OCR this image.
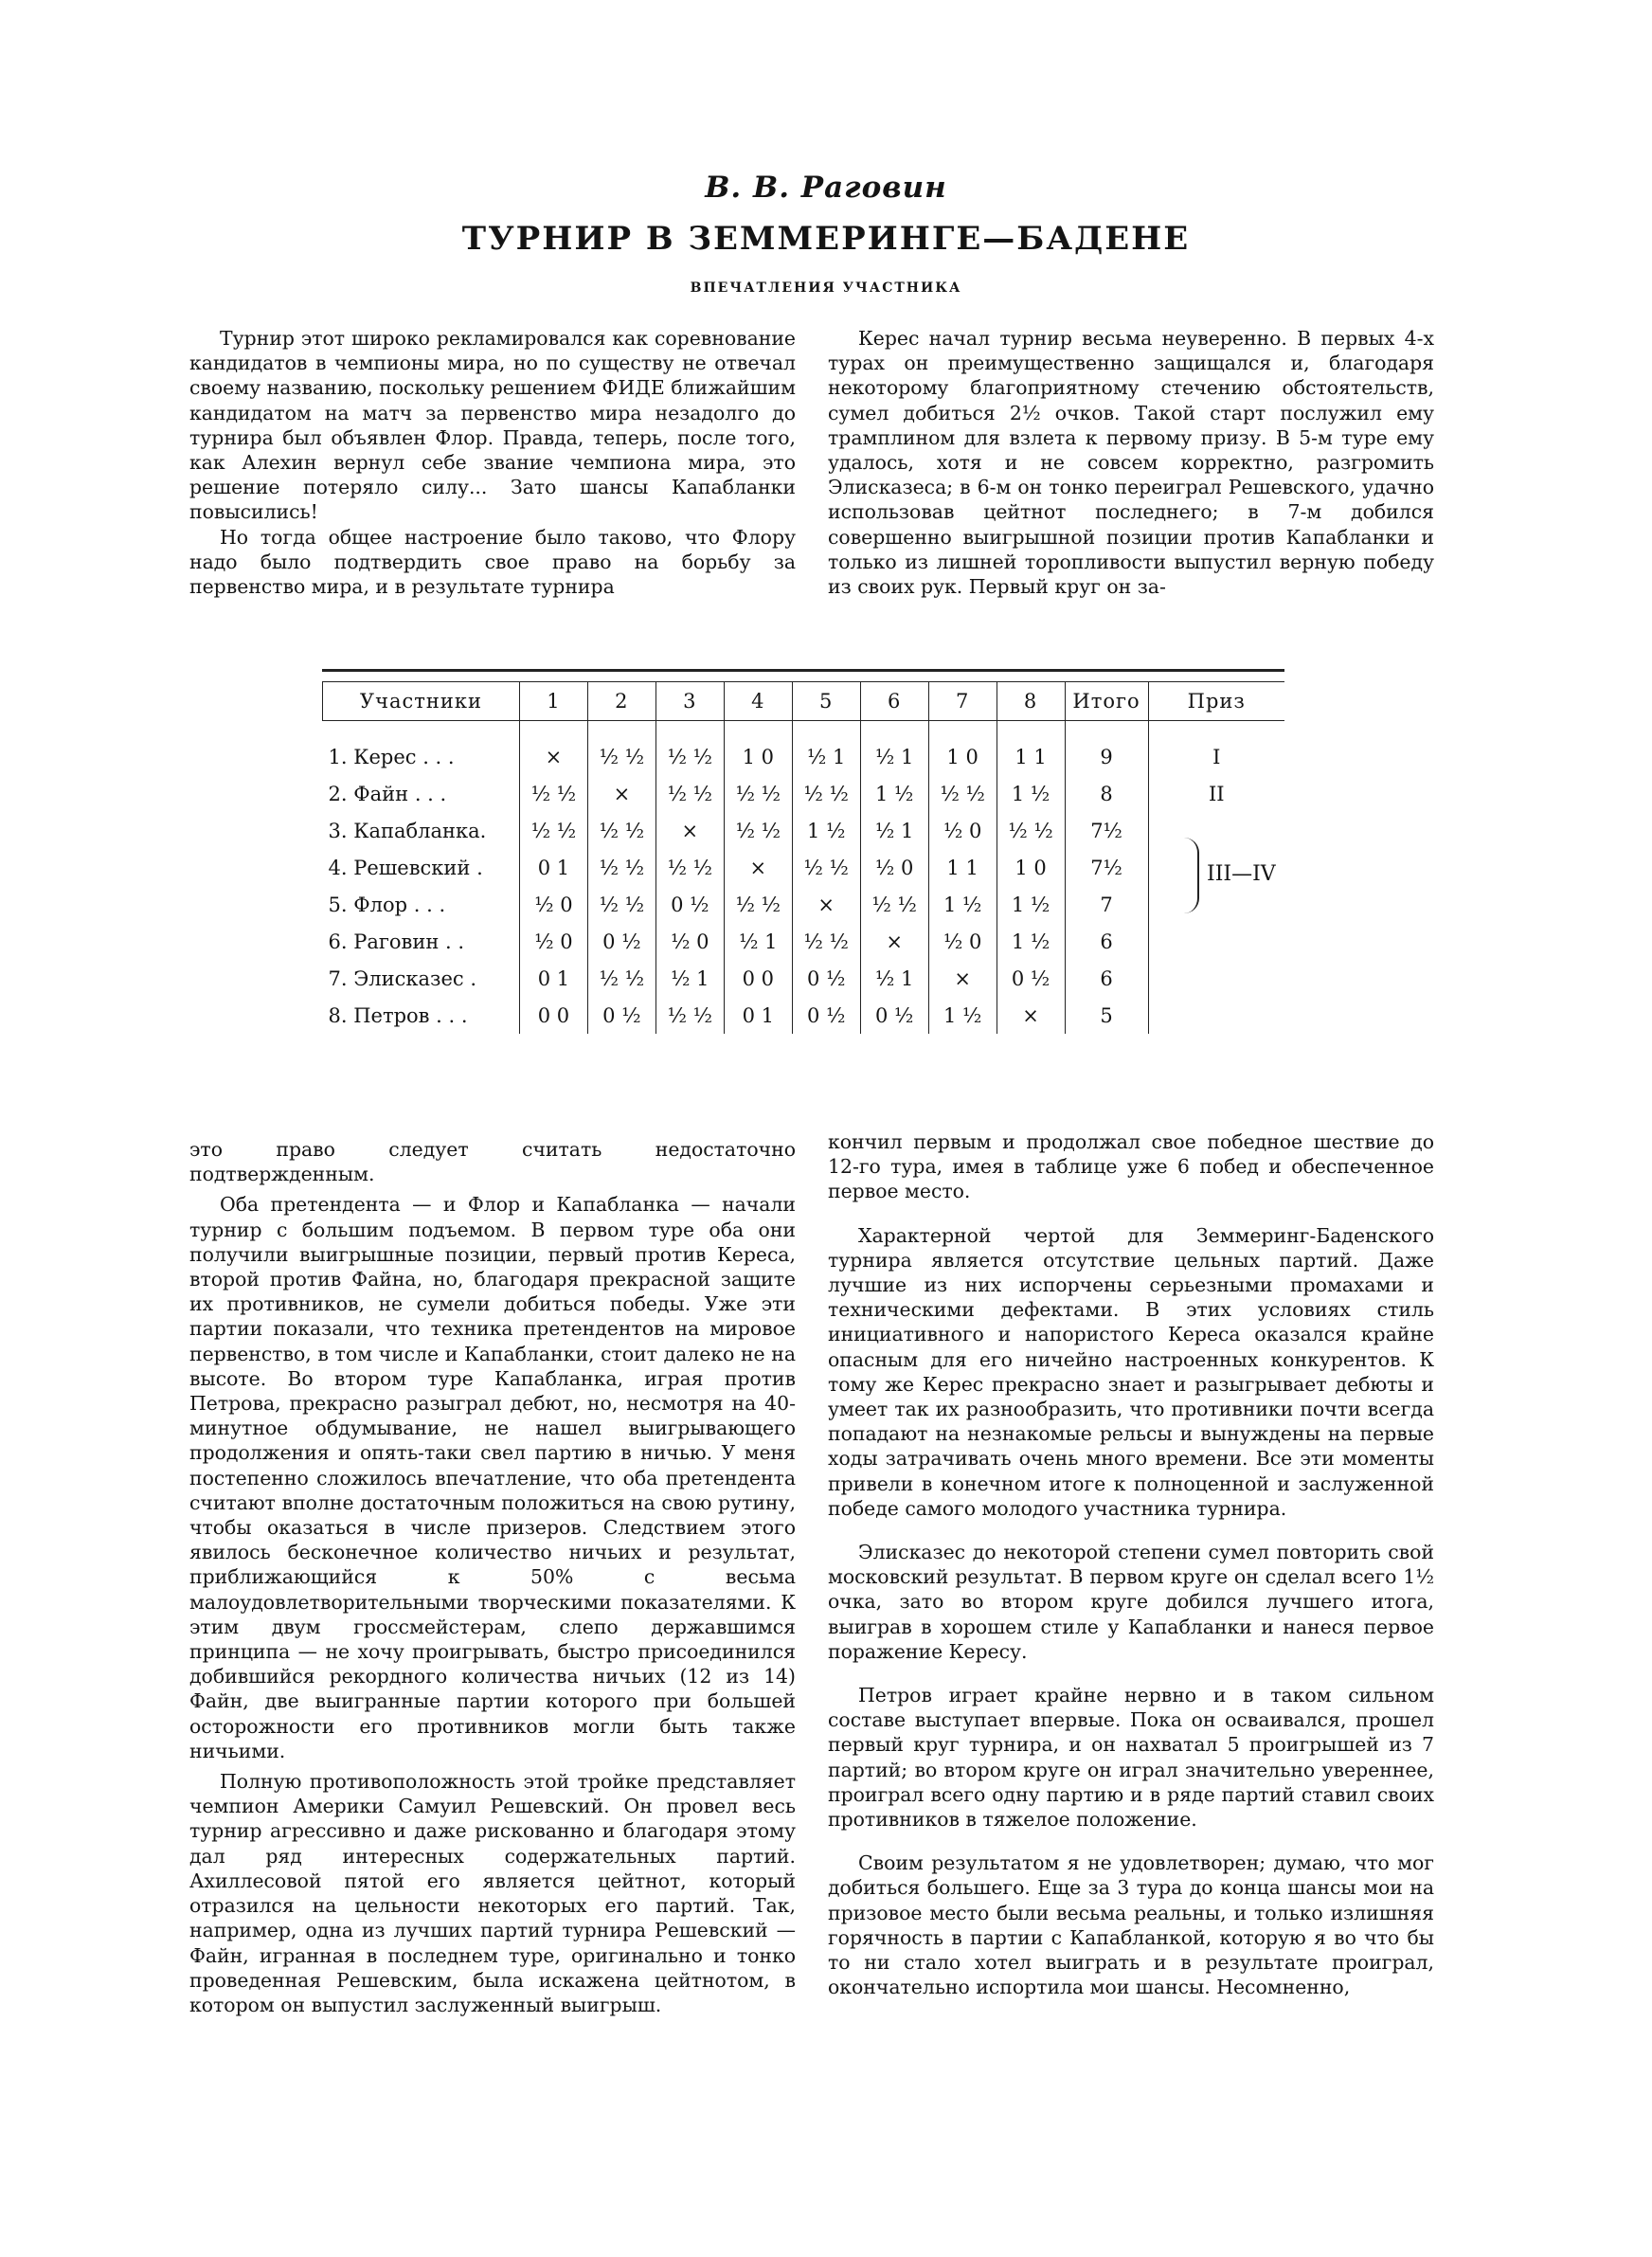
В. В. Раговин
ТУРНИР В ЗЕММЕРИНГЕ—БАДЕНЕ
ВПЕЧАТЛЕНИЯ УЧАСТНИКА

Турнир этот широко рекламировался как соревнование кандидатов в чемпионы мира, но по существу не отвечал своему названию, поскольку решением ФИДЕ ближайшим кандидатом на матч за первенство мира незадолго до турнира был объявлен Флор. Правда, теперь, после того, как Алехин вернул себе звание чемпиона мира, это решение потеряло силу... Зато шансы Капабланки повысились!

Но тогда общее настроение было таково, что Флору надо было подтвердить свое право на борьбу за первенство мира, и в результате турнира

Керес начал турнир весьма неуверенно. В первых 4-х турах он преимущественно защищался и, благодаря некоторому благоприятному стечению обстоятельств, сумел добиться 2½ очков. Такой старт послужил ему трамплином для взлета к первому призу. В 5-м туре ему удалось, хотя и не совсем корректно, разгромить Элисказеса; в 6-м он тонко переиграл Решевского, удачно использовав цейтнот последнего; в 7-м добился совершенно выигрышной позиции против Капабланки и только из лишней торопливости выпустил верную победу из своих рук. Первый круг он за-

Участники	1	2	3	4	5	6	7	8	Итого	Приз

1. Керес . . .	×	½ ½	½ ½	1 0	½ 1	½ 1	1 0	1 1	9	I
2. Файн . . .	½ ½	×	½ ½	½ ½	½ ½	1 ½	½ ½	1 ½	8	II
3. Капабланка.	½ ½	½ ½	×	½ ½	1 ½	½ 1	½ 0	½ ½	7½	
4. Решевский .	0 1	½ ½	½ ½	×	½ ½	½ 0	1 1	1 0	7½	
5. Флор . . .	½ 0	½ ½	0 ½	½ ½	×	½ ½	1 ½	1 ½	7	
6. Раговин . .	½ 0	0 ½	½ 0	½ 1	½ ½	×	½ 0	1 ½	6	
7. Элисказес .	0 1	½ ½	½ 1	0 0	0 ½	½ 1	×	0 ½	6	
8. Петров . . .	0 0	0 ½	½ ½	0 1	0 ½	0 ½	1 ½	×	5	
III—IV

это право следует считать недостаточно подтвержденным.

Оба претендента — и Флор и Капабланка — начали турнир с большим подъемом. В первом туре оба они получили выигрышные позиции, первый против Кереса, второй против Файна, но, благодаря прекрасной защите их противников, не сумели добиться победы. Уже эти партии показали, что техника претендентов на мировое первенство, в том числе и Капабланки, стоит далеко не на высоте. Во втором туре Капабланка, играя против Петрова, прекрасно разыграл дебют, но, несмотря на 40-минутное обдумывание, не нашел выигрывающего продолжения и опять-таки свел партию в ничью. У меня постепенно сложилось впечатление, что оба претендента считают вполне достаточным положиться на свою рутину, чтобы оказаться в числе призеров. Следствием этого явилось бесконечное количество ничьих и результат, приближающийся к 50% с весьма малоудовлетворительными творческими показателями. К этим двум гроссмейстерам, слепо державшимся принципа — не хочу проигрывать, быстро присоединился добившийся рекордного количества ничьих (12 из 14) Файн, две выигранные партии которого при большей осторожности его противников могли быть также ничьими.

Полную противоположность этой тройке представляет чемпион Америки Самуил Решевский. Он провел весь турнир агрессивно и даже рискованно и благодаря этому дал ряд интересных содержательных партий. Ахиллесовой пятой его является цейтнот, который отразился на цельности некоторых его партий. Так, например, одна из лучших партий турнира Решевский — Файн, игранная в последнем туре, оригинально и тонко проведенная Решевским, была искажена цейтнотом, в котором он выпустил заслуженный выигрыш.

кончил первым и продолжал свое победное шествие до 12-го тура, имея в таблице уже 6 побед и обеспеченное первое место.

Характерной чертой для Земмеринг-Баденского турнира является отсутствие цельных партий. Даже лучшие из них испорчены серьезными промахами и техническими дефектами. В этих условиях стиль инициативного и напористого Кереса оказался крайне опасным для его ничейно настроенных конкурентов. К тому же Керес прекрасно знает и разыгрывает дебюты и умеет так их разнообразить, что противники почти всегда попадают на незнакомые рельсы и вынуждены на первые ходы затрачивать очень много времени. Все эти моменты привели в конечном итоге к полноценной и заслуженной победе самого молодого участника турнира.

Элисказес до некоторой степени сумел повторить свой московский результат. В первом круге он сделал всего 1½ очка, зато во втором круге добился лучшего итога, выиграв в хорошем стиле у Капабланки и нанеся первое поражение Кересу.

Петров играет крайне нервно и в таком сильном составе выступает впервые. Пока он осваивался, прошел первый круг турнира, и он нахватал 5 проигрышей из 7 партий; во втором круге он играл значительно увереннее, проиграл всего одну партию и в ряде партий ставил своих противников в тяжелое положение.

Своим результатом я не удовлетворен; думаю, что мог добиться большего. Еще за 3 тура до конца шансы мои на призовое место были весьма реальны, и только излишняя горячность в партии с Капабланкой, которую я во что бы то ни стало хотел выиграть и в результате проиграл, окончательно испортила мои шансы. Несомненно,
